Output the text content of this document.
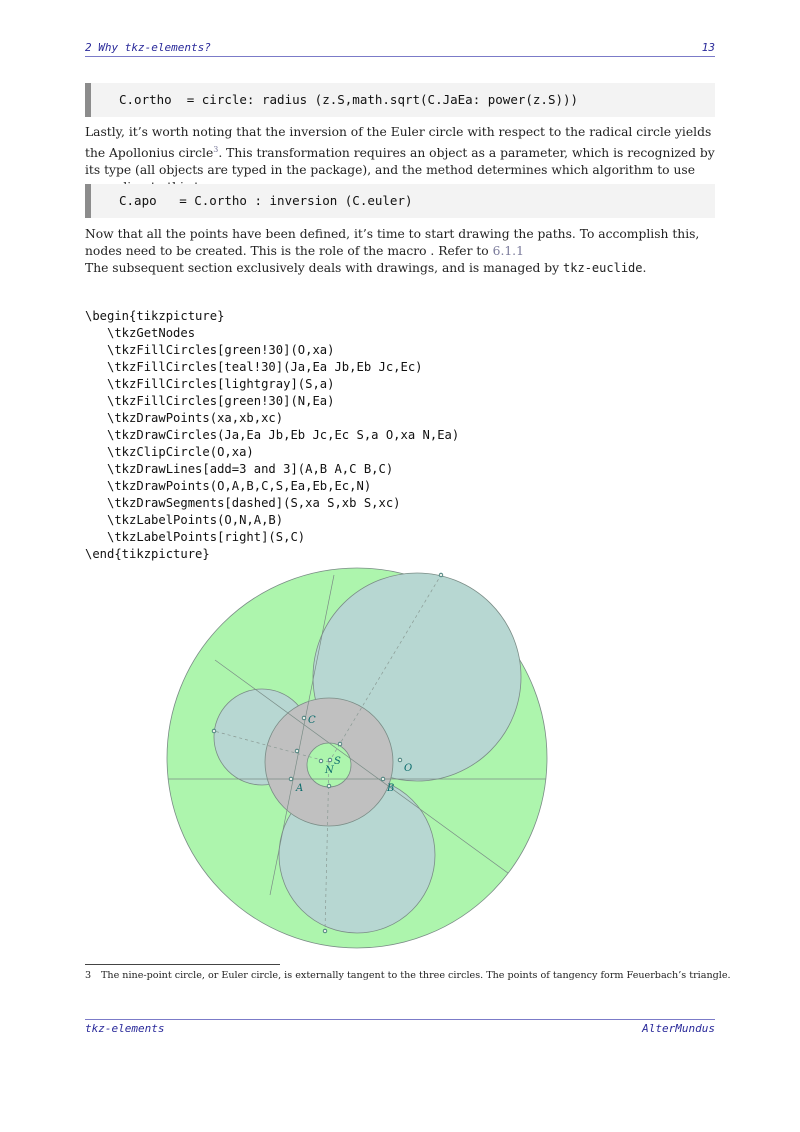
2 Why tkz-elements?	13
C.ortho  = circle: radius (z.S,math.sqrt(C.JaEa: power(z.S)))
Lastly, it’s worth noting that the inversion of the Euler circle with respect to the radical circle yields the Apollonius circle$^3$. This transformation requires an object as a parameter, which is recognized by its type (all objects are typed in the package), and the method determines which algorithm to use
C.apo   = C.ortho : inversion (C.euler)
Now that all the points have been defined, it’s time to start drawing the paths. To accomplish this, nodes need to be created. This is the role of the macro . Refer to 6.1.1
The subsequent section exclusively deals with drawings, and is managed by tkz-euclide.

\begin{tikzpicture}
\tkzGetNodes
\tkzFillCircles[green!30](O,xa)
\tkzFillCircles[teal!30](Ja,Ea Jb,Eb Jc,Ec)
\tkzFillCircles[lightgray](S,a)
\tkzFillCircles[green!30](N,Ea)
\tkzDrawPoints(xa,xb,xc)
\tkzDrawCircles(Ja,Ea Jb,Eb Jc,Ec S,a O,xa N,Ea)
\tkzClipCircle(O,xa)
\tkzDrawLines[add=3 and 3](A,B A,C B,C)
\tkzDrawPoints(O,A,B,C,S,Ea,Eb,Ec,N)
\tkzDrawSegments[dashed](S,xa S,xb S,xc)
\tkzLabelPoints(O,N,A,B)
\tkzLabelPoints[right](S,C)
\end{tikzpicture}

C
S
N	O
A	B
3 The nine-point circle, or Euler circle, is externally tangent to the three circles. The points of tangency form Feuerbach’s triangle.
tkz-elements	AlterMundus
